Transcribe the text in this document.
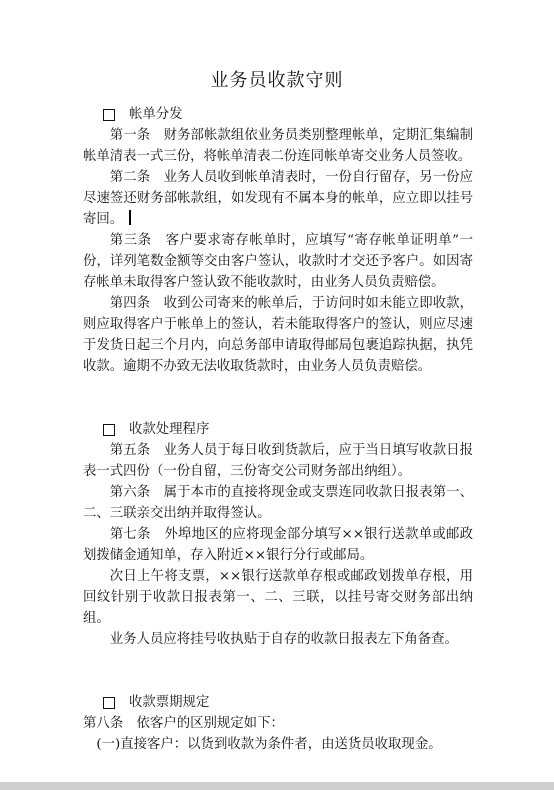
业务员收款守则

帐单分发

第一条　财务部帐款组依业务员类别整理帐单，定期汇集编制帐单清表一式三份，将帐单清表二份连同帐单寄交业务人员签收。

第二条　业务人员收到帐单清表时，一份自行留存，另一份应尽速签还财务部帐款组，如发现有不属本身的帐单，应立即以挂号寄回。

第三条　客户要求寄存帐单时，应填写“寄存帐单证明单”一份，详列笔数金额等交由客户签认，收款时才交还予客户。如因寄存帐单未取得客户签认致不能收款时，由业务人员负责赔偿。

第四条　收到公司寄来的帐单后，于访问时如未能立即收款，则应取得客户于帐单上的签认，若未能取得客户的签认，则应尽速于发货日起三个月内，向总务部申请取得邮局包裹追踪执据，执凭收款。逾期不办致无法收取货款时，由业务人员负责赔偿。

收款处理程序

第五条　业务人员于每日收到货款后，应于当日填写收款日报表一式四份（一份自留，三份寄交公司财务部出纳组）。

第六条　属于本市的直接将现金或支票连同收款日报表第一、二、三联亲交出纳并取得签认。

第七条　外埠地区的应将现金部分填写××银行送款单或邮政划拨储金通知单，存入附近××银行分行或邮局。

次日上午将支票，××银行送款单存根或邮政划拨单存根，用回纹针别于收款日报表第一、二、三联，以挂号寄交财务部出纳组。

业务人员应将挂号收执贴于自存的收款日报表左下角备查。

收款票期规定

第八条　依客户的区别规定如下：

(一)直接客户：以货到收款为条件者，由送货员收取现金。
